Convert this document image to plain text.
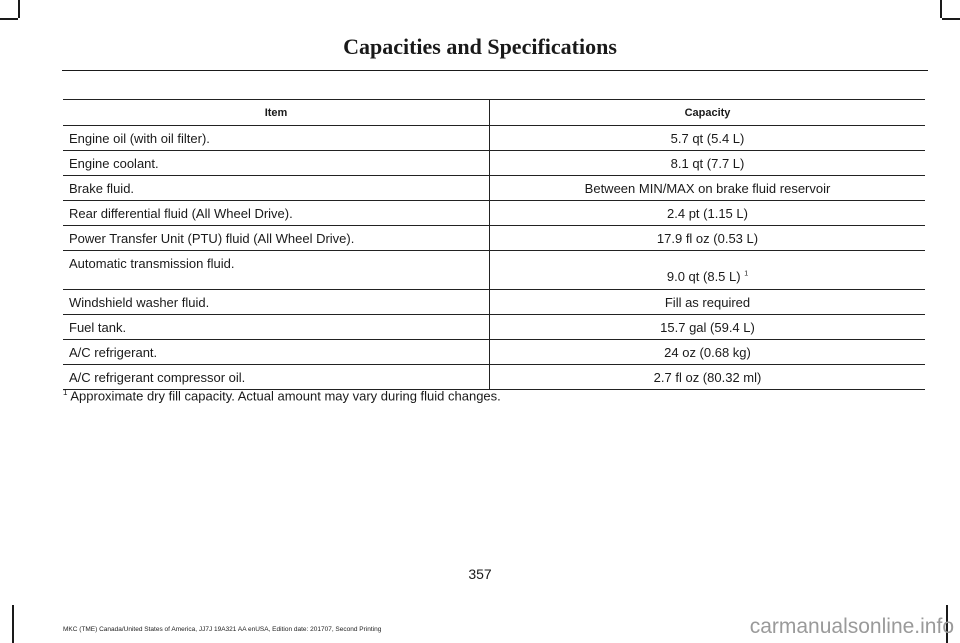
Capacities and Specifications
Item	Capacity
Engine oil (with oil filter).	5.7 qt (5.4 L)
Engine coolant.	8.1 qt (7.7 L)
Brake fluid.	Between MIN/MAX on brake fluid reservoir
Rear differential fluid (All Wheel Drive).	2.4 pt (1.15 L)
Power Transfer Unit (PTU) fluid (All Wheel Drive).	17.9 fl oz (0.53 L)
Automatic transmission fluid.	9.0 qt (8.5 L) $^1$
Windshield washer fluid.	Fill as required
Fuel tank.	15.7 gal (59.4 L)
A/C refrigerant.	24 oz (0.68 kg)
A/C refrigerant compressor oil.	2.7 fl oz (80.32 ml)
$^1$ Approximate dry fill capacity. Actual amount may vary during fluid changes.
357
MKC (TME) Canada/United States of America, JJ7J 19A321 AA enUSA, Edition date: 201707, Second Printing	carmanualsonline.info
